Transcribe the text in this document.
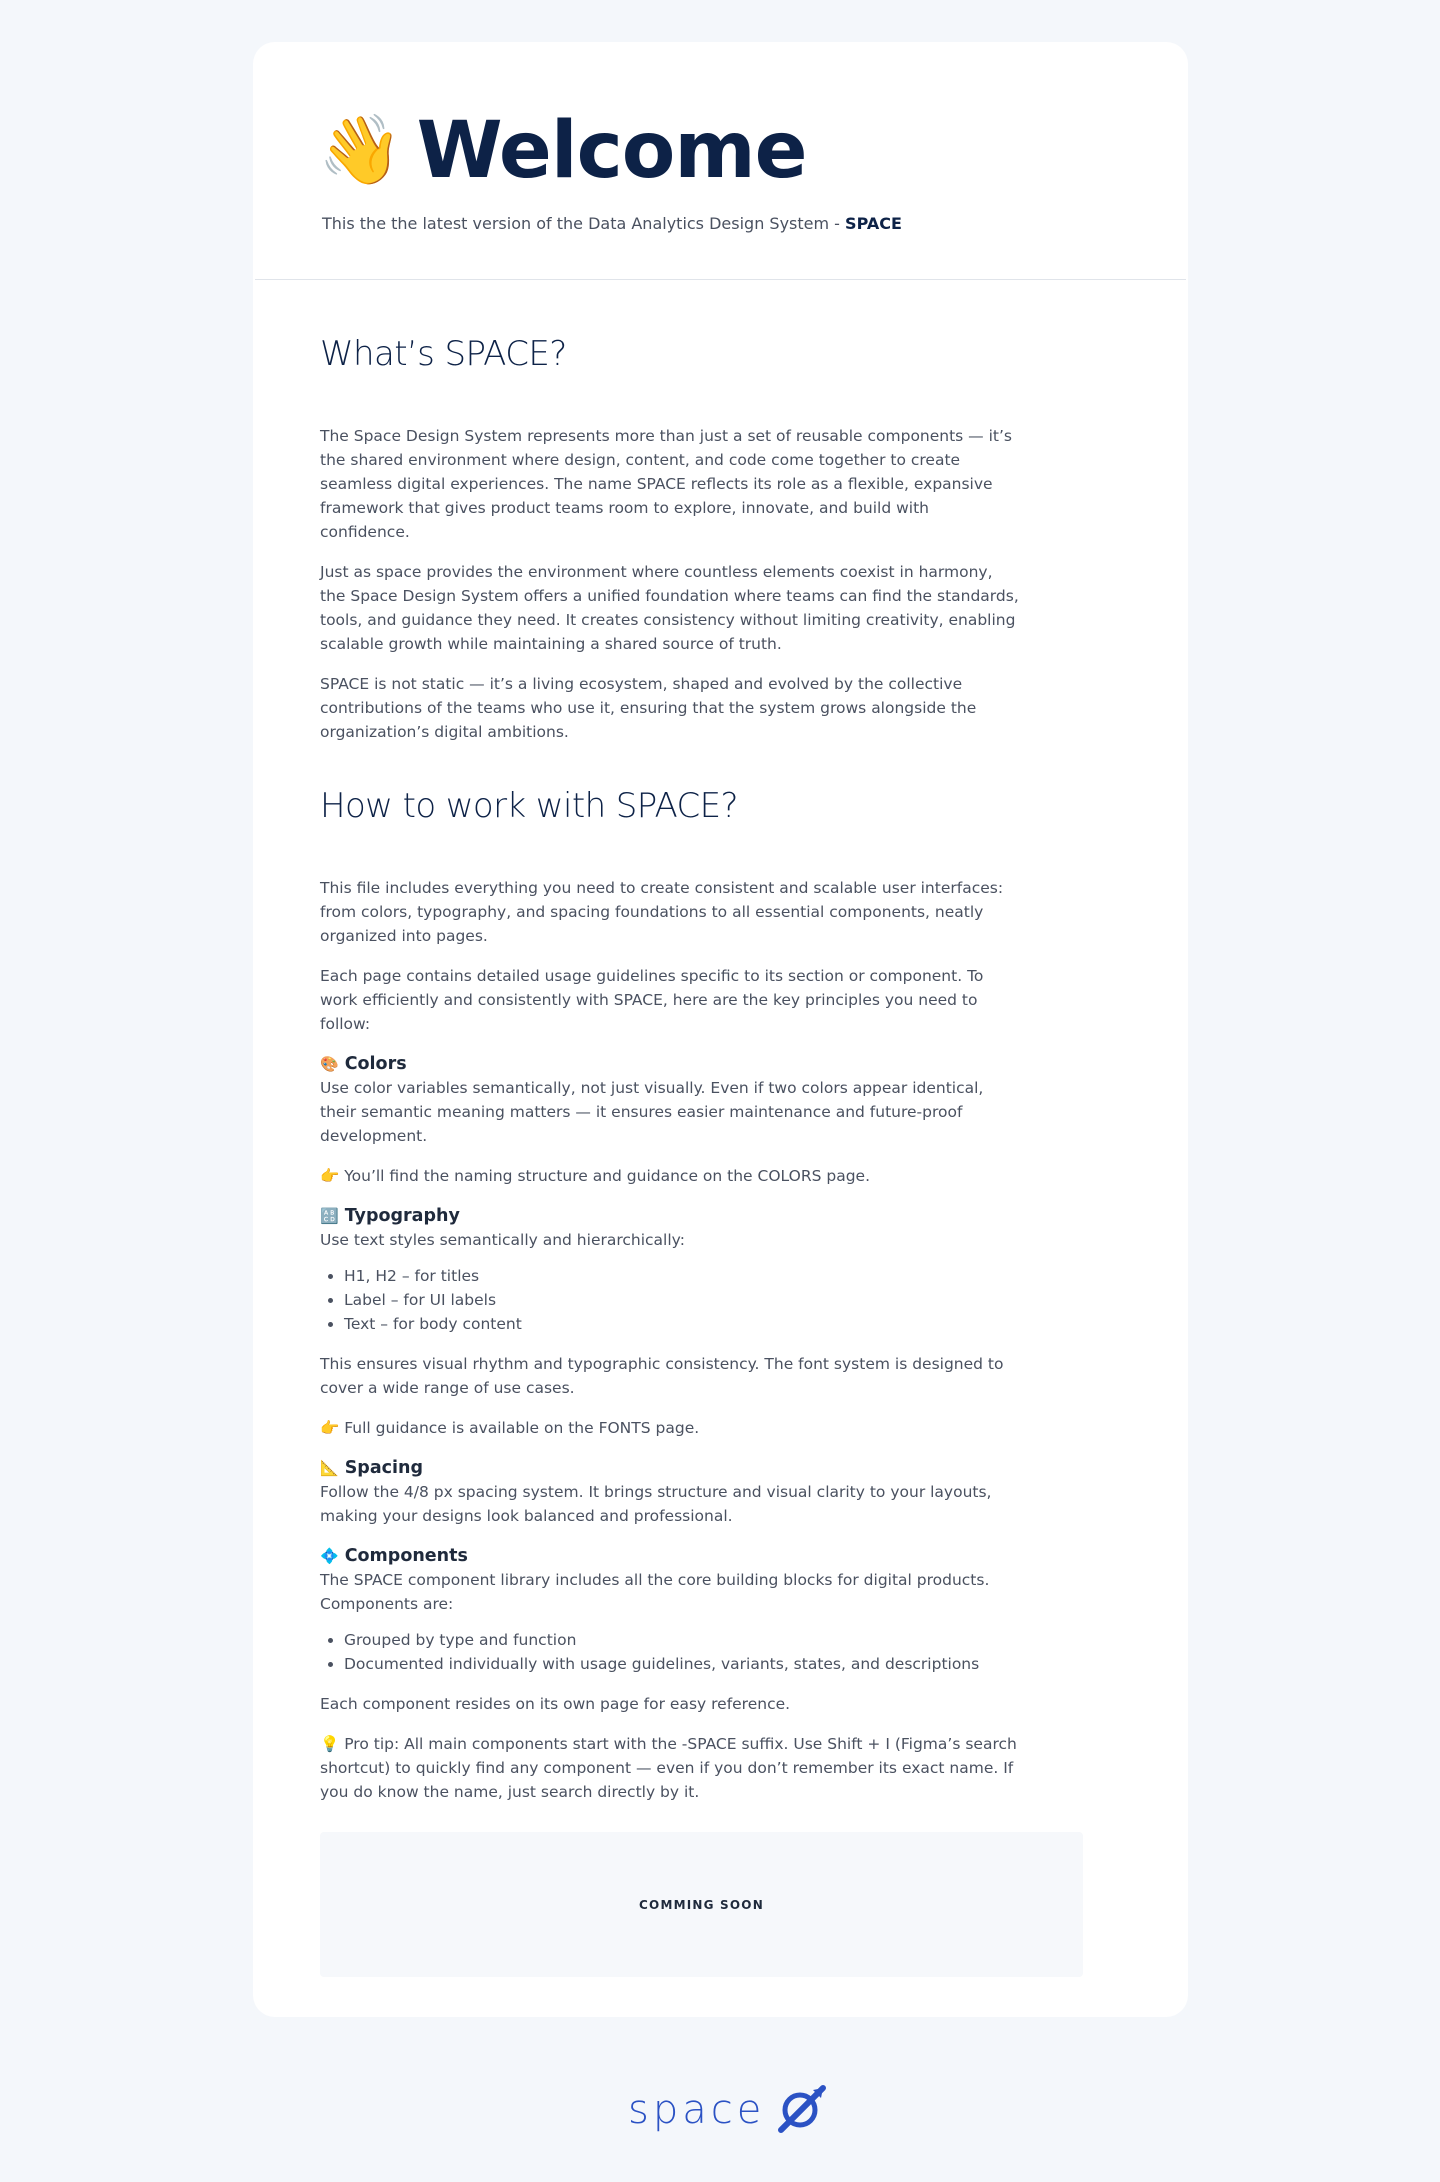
👋 Welcome
This the the latest version of the Data Analytics Design System - SPACE
What’s SPACE?

The Space Design System represents more than just a set of reusable components — it’s the shared environment where design, content, and code come together to create seamless digital experiences. The name SPACE reflects its role as a flexible, expansive framework that gives product teams room to explore, innovate, and build with confidence.

Just as space provides the environment where countless elements coexist in harmony, the Space Design System offers a unified foundation where teams can find the standards, tools, and guidance they need. It creates consistency without limiting creativity, enabling scalable growth while maintaining a shared source of truth.

SPACE is not static — it’s a living ecosystem, shaped and evolved by the collective contributions of the teams who use it, ensuring that the system grows alongside the organization’s digital ambitions.

How to work with SPACE?

This file includes everything you need to create consistent and scalable user interfaces: from colors, typography, and spacing foundations to all essential components, neatly organized into pages.

Each page contains detailed usage guidelines specific to its section or component. To work efficiently and consistently with SPACE, here are the key principles you need to follow:

🎨 Colors

Use color variables semantically, not just visually. Even if two colors appear identical, their semantic meaning matters — it ensures easier maintenance and future-proof development.

👉 You’ll find the naming structure and guidance on the COLORS page.

🔠 Typography

Use text styles semantically and hierarchically:

• H1, H2 – for titles
• Label – for UI labels
• Text – for body content

This ensures visual rhythm and typographic consistency. The font system is designed to cover a wide range of use cases.

👉 Full guidance is available on the FONTS page.

📐 Spacing

Follow the 4/8 px spacing system. It brings structure and visual clarity to your layouts, making your designs look balanced and professional.

💠 Components

The SPACE component library includes all the core building blocks for digital products. Components are:

• Grouped by type and function
• Documented individually with usage guidelines, variants, states, and descriptions

Each component resides on its own page for easy reference.

💡 Pro tip: All main components start with the -SPACE suffix. Use Shift + I (Figma’s search shortcut) to quickly find any component — even if you don’t remember its exact name. If you do know the name, just search directly by it.

COMMING SOON
space
